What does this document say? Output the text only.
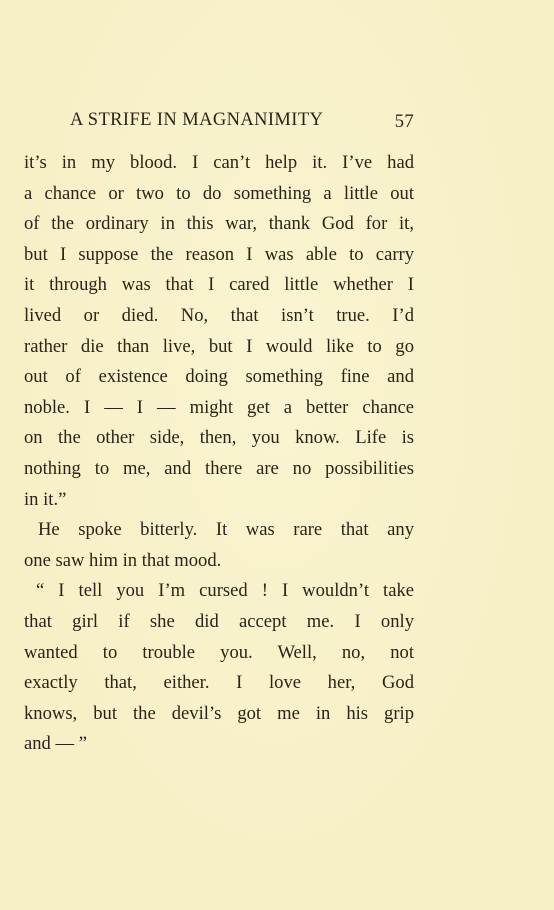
A STRIFE IN MAGNANIMITY	57
it’s in my blood. I can’t help it. I’ve had
a chance or two to do something a little out
of the ordinary in this war, thank God for it,
but I suppose the reason I was able to carry
it through was that I cared little whether I
lived or died. No, that isn’t true. I’d
rather die than live, but I would like to go
out of existence doing something fine and
noble. I — I — might get a better chance
on the other side, then, you know. Life is
nothing to me, and there are no possibilities
in it.”
He spoke bitterly. It was rare that any
one saw him in that mood.
“ I tell you I’m cursed ! I wouldn’t take
that girl if she did accept me. I only
wanted to trouble you. Well, no, not
exactly that, either. I love her, God
knows, but the devil’s got me in his grip
and — ”
